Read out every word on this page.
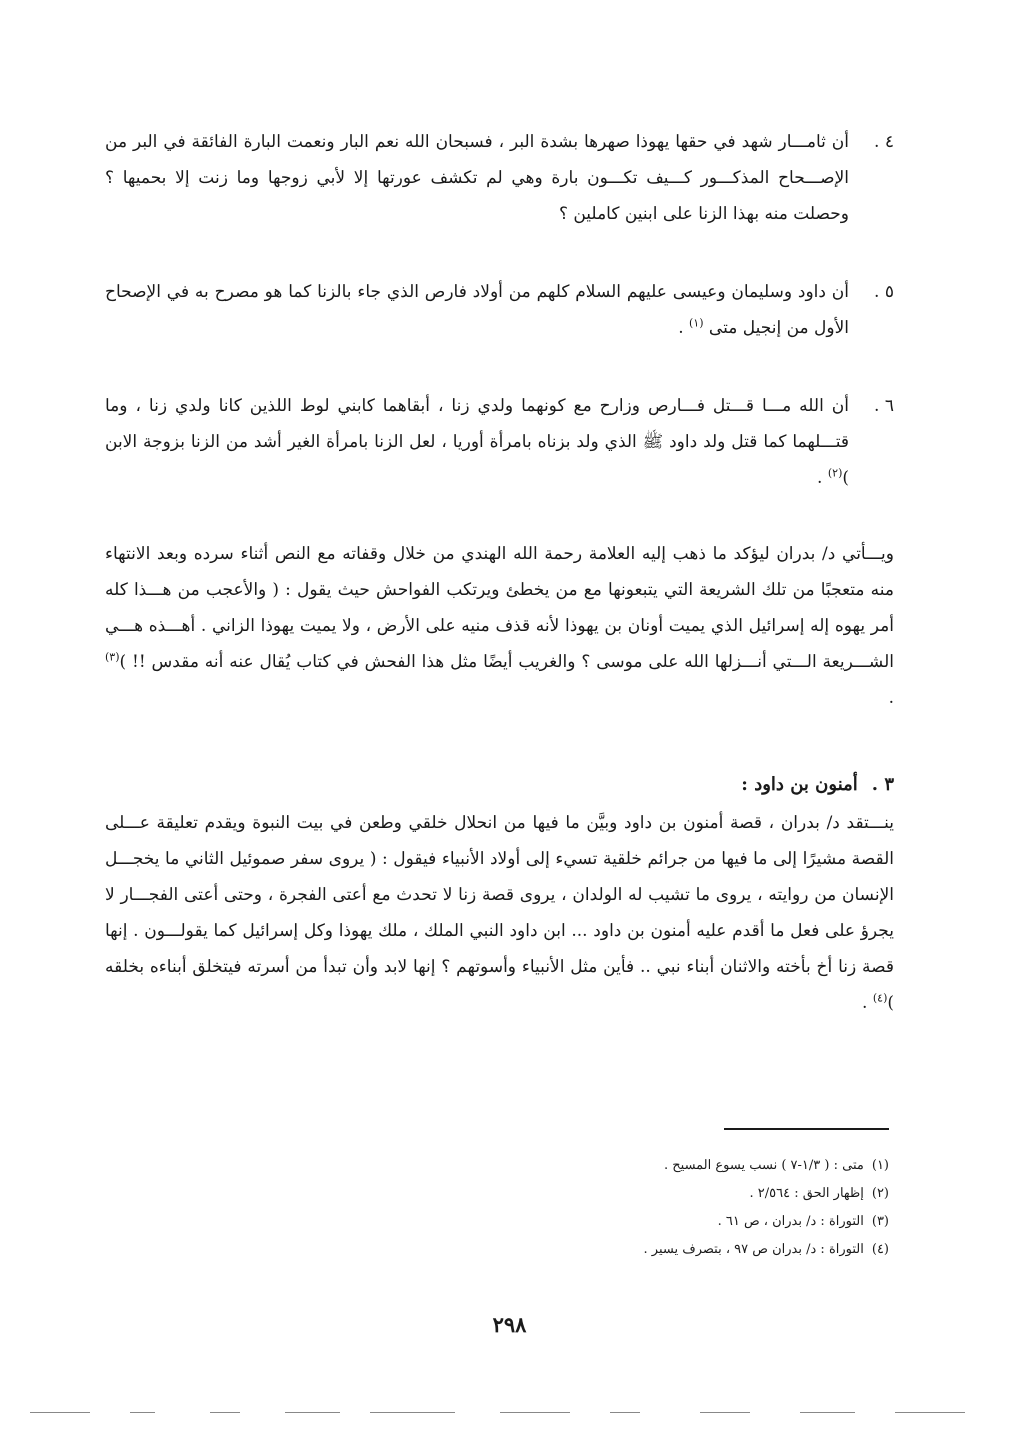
٤ .
أن ثامـــار شهد في حقها يهوذا صهرها بشدة البر ، فسبحان الله نعم البار ونعمت البارة الفائقة في البر من الإصـــحاح المذكـــور كـــيف تكـــون بارة وهي لم تكشف عورتها إلا لأبي زوجها وما زنت إلا بحميها ؟ وحصلت منه بهذا الزنا على ابنين كاملين ؟
٥ .
أن داود وسليمان وعيسى عليهم السلام كلهم من أولاد فارص الذي جاء بالزنا كما هو مصرح به في الإصحاح الأول من إنجيل متى $^{(١)}$ .
٦ .
أن الله مـــا قـــتل فـــارص وزارح مع كونهما ولدي زنا ، أبقاهما كابني لوط اللذين كانا ولدي زنا ، وما قتـــلهما كما قتل ولد داود ﷺ الذي ولد بزناه بامرأة أوريا ، لعل الزنا بامرأة الغير أشد من الزنا بزوجة الابن )$^{(٢)}$ .
ويـــأتي د/ بدران ليؤكد ما ذهب إليه العلامة رحمة الله الهندي من خلال وقفاته مع النص أثناء سرده وبعد الانتهاء منه متعجبًا من تلك الشريعة التي يتبعونها مع من يخطئ ويرتكب الفواحش حيث يقول : ( والأعجب من هـــذا كله أمر يهوه إله إسرائيل الذي يميت أونان بن يهوذا لأنه قذف منيه على الأرض ، ولا يميت يهوذا الزاني . أهـــذه هـــي الشـــريعة الـــتي أنـــزلها الله على موسى ؟ والغريب أيضًا مثل هذا الفحش في كتاب يُقال عنه أنه مقدس !! )$^{(٣)}$ .
٣ .أمنون بن داود :
ينـــتقد د/ بدران ، قصة أمنون بن داود وبيَّن ما فيها من انحلال خلقي وطعن في بيت النبوة ويقدم تعليقة عـــلى القصة مشيرًا إلى ما فيها من جرائم خلقية تسيء إلى أولاد الأنبياء فيقول : ( يروى سفر صموئيل الثاني ما يخجـــل الإنسان من روايته ، يروى ما تشيب له الولدان ، يروى قصة زنا لا تحدث مع أعتى الفجرة ، وحتى أعتى الفجـــار لا يجرؤ على فعل ما أقدم عليه أمنون بن داود ... ابن داود النبي الملك ، ملك يهوذا وكل إسرائيل كما يقولـــون . إنها قصة زنا أخ بأخته والاثنان أبناء نبي .. فأين مثل الأنبياء وأسوتهم ؟ إنها لابد وأن تبدأ من أسرته فيتخلق أبناءه بخلقه )$^{(٤)}$ .
(١)متى : ( ١/٣-٧ ) نسب يسوع المسيح .
(٢)إظهار الحق : ٢/٥٦٤ .
(٣)التوراة : د/ بدران ، ص ٦١ .
(٤)التوراة : د/ بدران ص ٩٧ ، بتصرف يسير .
٢٩٨
